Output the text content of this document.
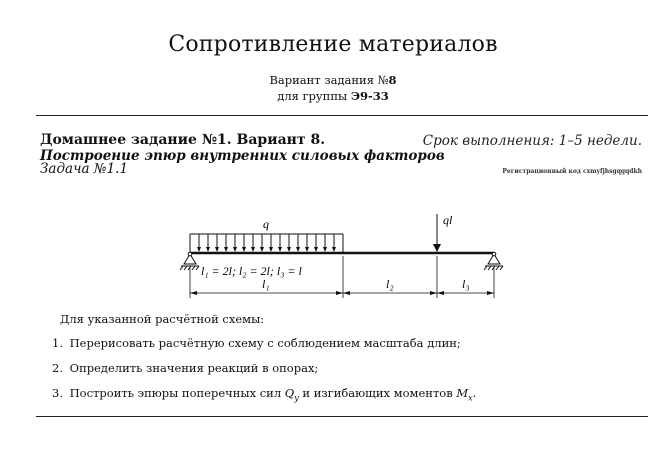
Сопротивление материалов
Вариант задания №8
для группы Э9-33
Домашнее задание №1. Вариант 8.	Срок выполнения: 1–5 недели.
Построение эпюр внутренних силовых факторов
Задача №1.1	Регистрационный код cxmyfjhsgqgqdkh
q	ql
l₁ = 2l; l₂ = 2l; l₃ = l
l₁	l₂	l₃
Для указанной расчётной схемы:
1. Перерисовать расчётную схему с соблюдением масштаба длин;
2. Определить значения реакций в опорах;
3. Построить эпюры поперечных сил $Q_y$ и изгибающих моментов $M_x$.
